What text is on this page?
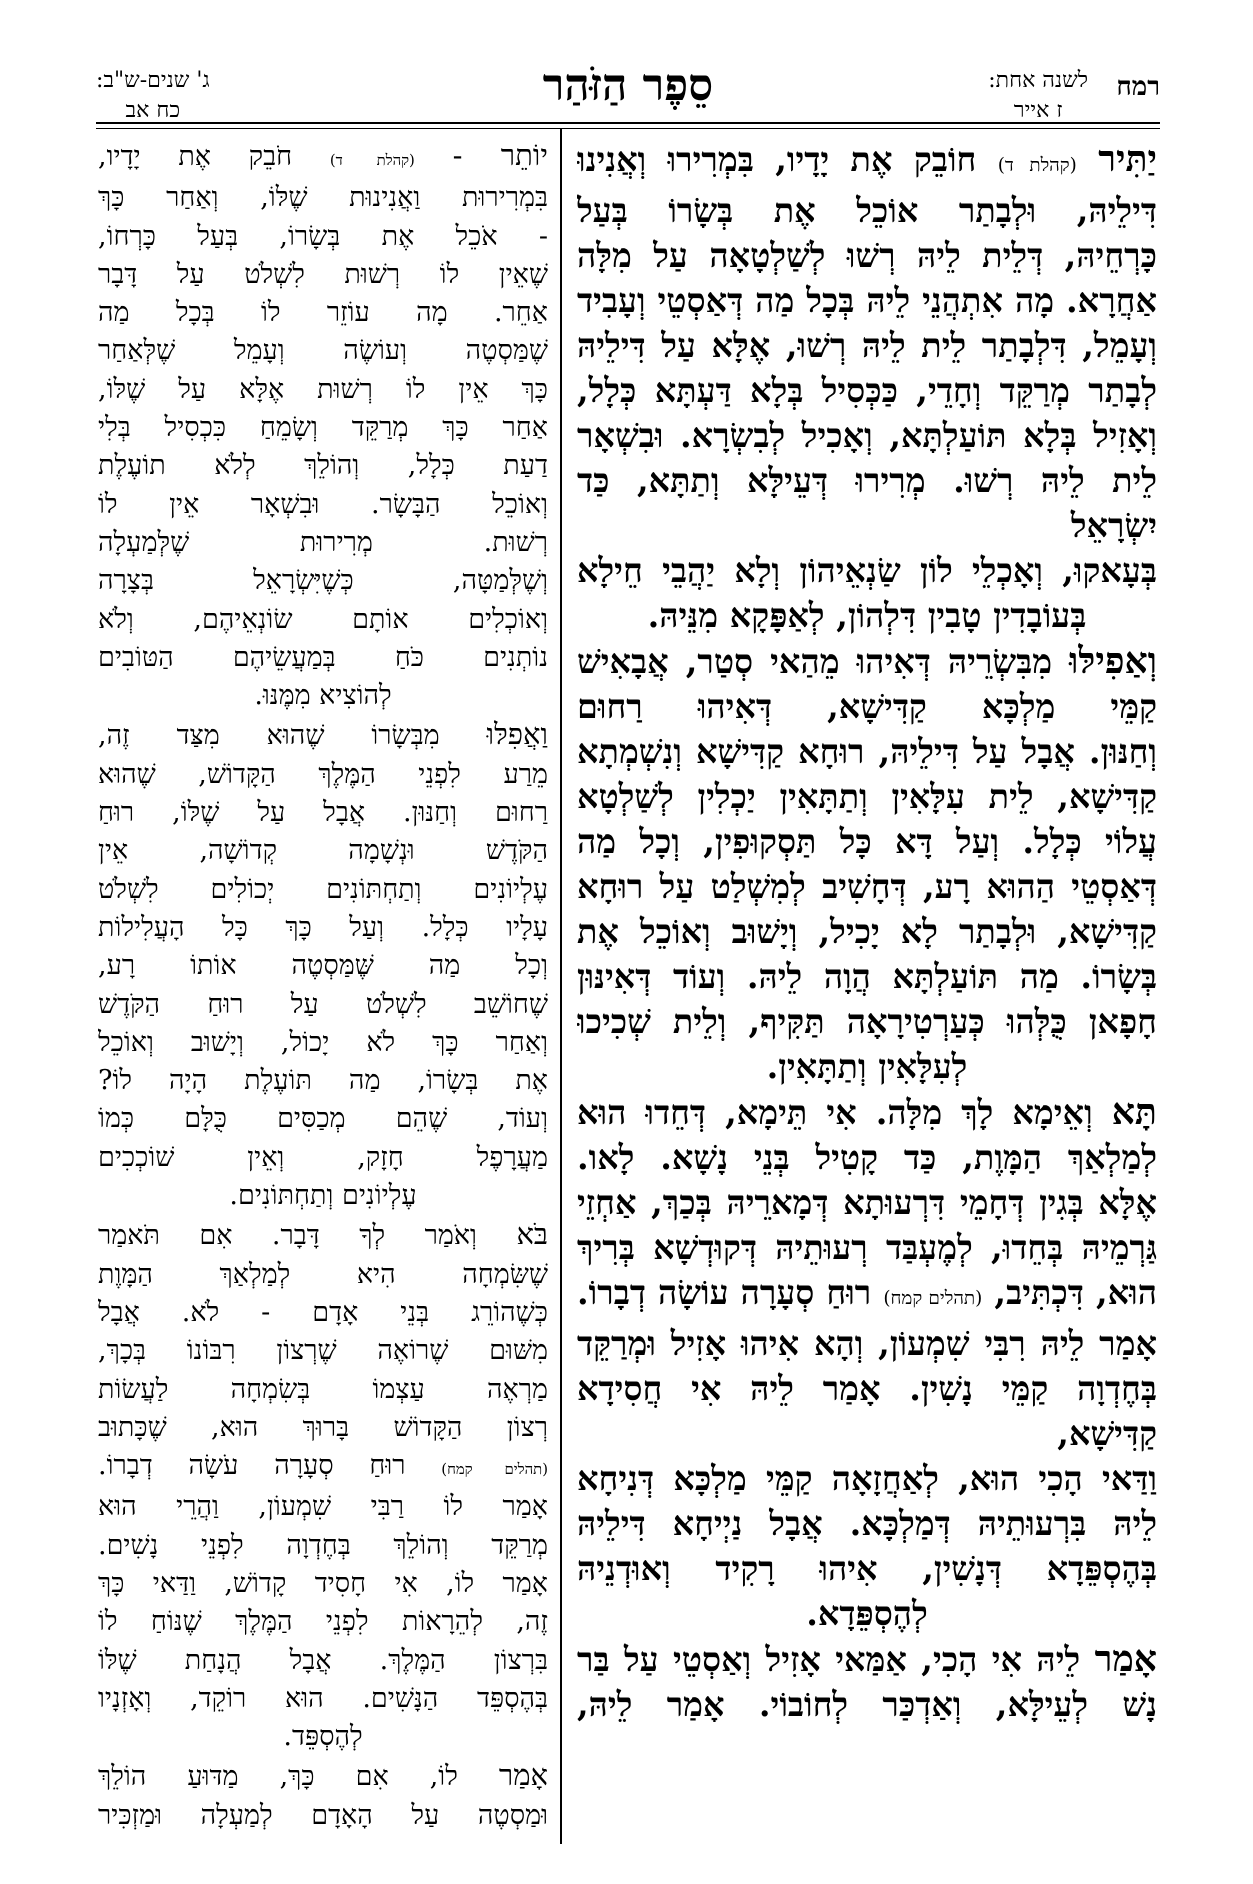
רמח
לשנה אחת:
ז אייר
סֵפֶר הַזֹּהַר
ג' שנים-ש"ב:
כח אב

יַתִּיר (קהלת ד) חוֹבֵק אֶת יָדָיו, בִּמְרִירוּ וְאֲנִינוּ

דִּילֵיהּ, וּלְבָתַר אוֹכֵל אֶת בְּשָׂרוֹ בְּעַל

כָּרְחֵיהּ, דְּלֵית לֵיהּ רְשׁוּ לְשַׁלְטָאָה עַל מִלָּה

אַחֲרָא. מָה אִתְהֲנֵי לֵיהּ בְּכָל מַה דְּאַסְטֵי וְעָבִיד

וְעָמֵל, דִּלְבָתַר לֵית לֵיהּ רְשׁוּ, אֶלָּא עַל דִּילֵיהּ

לְבָתַר מְרַקֵּד וְחָדֵי, כַּכְּסִיל בְּלָא דַּעְתָּא כְּלָל,

וְאָזִיל בְּלָא תּוֹעַלְתָּא, וְאָכִיל לְבִשְׂרָא. וּבִשְׁאָר

לֵית לֵיהּ רְשׁוּ. מְרִירוּ דְּעֵילָּא וְתַתָּא, כַּד יִשְׂרָאֵל

בְּעָאקוּ, וְאָכְלֵי לוֹן שַׂנְאֵיהוֹן וְלָא יַהֲבֵי חֵילָא

בְּעוֹבָדִין טָבִין דִּלְהוֹן, לְאַפָּקָא מִנֵּיהּ.

וְאַפִילּוּ מִבִּשְׂרֵיהּ דְּאִיהוּ מֵהַאי סְטַר, אֲבָאִישׁ

קַמֵּי מַלְכָּא קַדִּישָׁא, דְּאִיהוּ רַחוּם

וְחַנּוּן. אֲבָל עַל דִּילֵיהּ, רוּחָא קַדִּישָׁא וְנִשְׁמְתָא

קַדִּישָׁא, לֵית עִלָּאִין וְתַתָּאִין יַכְלִין לְשַׁלְטָא

עֲלוֹי כְּלָל. וְעַל דָּא כָּל תַּסְקוּפִין, וְכָל מַה

דְּאַסְטֵי הַהוּא רָע, דְּחָשִׁיב לְמִשְׁלַט עַל רוּחָא

קַדִּישָׁא, וּלְבָתַר לָא יָכִיל, וְיָשׁוּב וְאוֹכֵל אֶת

בְּשָׂרוֹ. מַה תּוֹעַלְתָּא הֲוָה לֵיהּ. וְעוֹד דְּאִינּוּן

חָפָאן כֻּלְּהוּ כְּעַרְטִירָאָה תַּקִּיף, וְלֵית שְׁכִיכוּ

לְעִלָּאִין וְתַתָּאִין.

תָּא וְאֵימָא לָךְ מִלָּה. אִי תֵּימָא, דְּחֵדוּ הוּא

לְמַלְאַךְ הַמָּוֶת, כַּד קָטִיל בְּנֵי נָשָׁא. לָאו.

אֶלָּא בְּגִין דְּחָמֵי דִּרְעוּתָא דְּמָארֵיהּ בְּכַךְ, אַחְזֵי

גַּרְמֵיהּ בְּחֵדוּ, לְמֶעְבַּד רְעוּתֵיהּ דְּקוּדְשָׁא בְּרִיךְ

הוּא, דִּכְתִּיב, (תהלים קמח) רוּחַ סְעָרָה עוֹשָׂה דְבָרוֹ.

אָמַר לֵיהּ רִבִּי שִׁמְעוֹן, וְהָא אִיהוּ אָזִיל וּמְרַקֵּד

בְּחֶדְוָה קַמֵּי נָשִׁין. אָמַר לֵיהּ אִי חֲסִידָא קַדִּישָׁא,

וַדַּאי הָכִי הוּא, לְאַחֲזָאָה קַמֵּי מַלְכָּא דְּנִיחָא

לֵיהּ בִּרְעוּתֵיהּ דְּמַלְכָּא. אֲבָל נַיְיחָא דִּילֵיהּ

בְּהֶסְפֵּדָא דְּנָשִׁין, אִיהוּ רָקִיד וְאוּדְנֵיהּ

לְהֶסְפֵּדָא.

אָמַר לֵיהּ אִי הָכִי, אַמַּאי אָזִיל וְאַסְטֵי עַל בַּר

נָשׁ לְעֵילָּא, וְאַדְכַּר לְחוֹבוֹי. אָמַר לֵיהּ,

יוֹתֵר - (קהלת ד) חֹבֵק אֶת יָדָיו,

בִּמְרִירוּת וַאֲנִינוּת שֶׁלּוֹ, וְאַחַר כָּךְ

- אֹכֵל אֶת בְּשָׂרוֹ, בְּעַל כָּרְחוֹ,

שֶׁאֵין לוֹ רְשׁוּת לִשְׁלֹט עַל דָּבָר

אַחֵר. מָה עוֹזֵר לוֹ בְּכָל מַה

שֶׁמַּסְטֶה וְעוֹשֶׂה וְעָמֵל שֶׁלְּאַחַר

כָּךְ אֵין לוֹ רְשׁוּת אֶלָּא עַל שֶׁלּוֹ,

אַחַר כָּךְ מְרַקֵּד וְשָׂמֵחַ כִּכְסִיל בְּלִי

דַעַת כְּלָל, וְהוֹלֵךְ לְלֹא תוֹעֶלֶת

וְאוֹכֵל הַבָּשָׂר. וּבִשְׁאָר אֵין לוֹ

רְשׁוּת. מְרִירוּת שֶׁלְּמַעְלָה

וְשֶׁלְּמַטָּה, כְּשֶׁיִּשְׂרָאֵל בְּצָרָה

וְאוֹכְלִים אוֹתָם שׂוֹנְאֵיהֶם, וְלֹא

נוֹתְנִים כֹּחַ בְּמַעֲשֵׂיהֶם הַטּוֹבִים

לְהוֹצִיא מִמֶּנּוּ.

וַאֲפִלּוּ מִבְּשָׂרוֹ שֶׁהוּא מִצַּד זֶה,

מֵרַע לִפְנֵי הַמֶּלֶךְ הַקָּדוֹשׁ, שֶׁהוּא

רַחוּם וְחַנּוּן. אֲבָל עַל שֶׁלּוֹ, רוּחַ

הַקֹּדֶשׁ וּנְשָׁמָה קְדוֹשָׁה, אֵין

עֶלְיוֹנִים וְתַחְתּוֹנִים יְכוֹלִים לִשְׁלֹט

עָלָיו כְּלָל. וְעַל כָּךְ כָּל הָעֲלִילוֹת

וְכָל מַה שֶּׁמַּסְטֶה אוֹתוֹ רָע,

שֶׁחוֹשֵׁב לִשְׁלֹט עַל רוּחַ הַקֹּדֶשׁ

וְאַחַר כָּךְ לֹא יָכוֹל, וְיָשׁוּב וְאוֹכֵל

אֶת בְּשָׂרוֹ, מַה תּוֹעֶלֶת הָיָה לוֹ?

וְעוֹד, שֶׁהֵם מְכַסִּים כֻּלָּם כְּמוֹ

מַעֲרָפֶל חָזָק, וְאֵין שׁוֹכְכִים

עֶלְיוֹנִים וְתַחְתּוֹנִים.

בֹּא וְאֹמַר לְךָ דָּבָר. אִם תֹּאמַר

שֶׁשִּׂמְחָה הִיא לְמַלְאַךְ הַמָּוֶת

כְּשֶׁהוֹרֵג בְּנֵי אָדָם - לֹא. אֲבָל

מִשּׁוּם שֶׁרוֹאֶה שֶׁרְצוֹן רִבּוֹנוֹ בְּכָךְ,

מַרְאֶה עַצְמוֹ בְּשִׂמְחָה לַעֲשׂוֹת

רְצוֹן הַקָּדוֹשׁ בָּרוּךְ הוּא, שֶׁכָּתוּב

(תהלים קמח) רוּחַ סְעָרָה עֹשָׂה דְבָרוֹ.

אָמַר לוֹ רַבִּי שִׁמְעוֹן, וַהֲרֵי הוּא

מְרַקֵּד וְהוֹלֵךְ בְּחֶדְוָה לִפְנֵי נָשִׁים.

אָמַר לוֹ, אִי חָסִיד קָדוֹשׁ, וַדַּאי כָּךְ

זֶה, לְהֵרָאוֹת לִפְנֵי הַמֶּלֶךְ שֶׁנּוֹחַ לוֹ

בִּרְצוֹן הַמֶּלֶךְ. אֲבָל הֲנָחַת שֶׁלּוֹ

בְּהֶסְפֵּד הַנָּשִׁים. הוּא רוֹקֵד, וְאָזְנָיו

לְהֶסְפֵּד.

אָמַר לוֹ, אִם כָּךְ, מַדּוּעַ הוֹלֵךְ

וּמַסְטֶה עַל הָאָדָם לְמַעְלָה וּמַזְכִּיר
